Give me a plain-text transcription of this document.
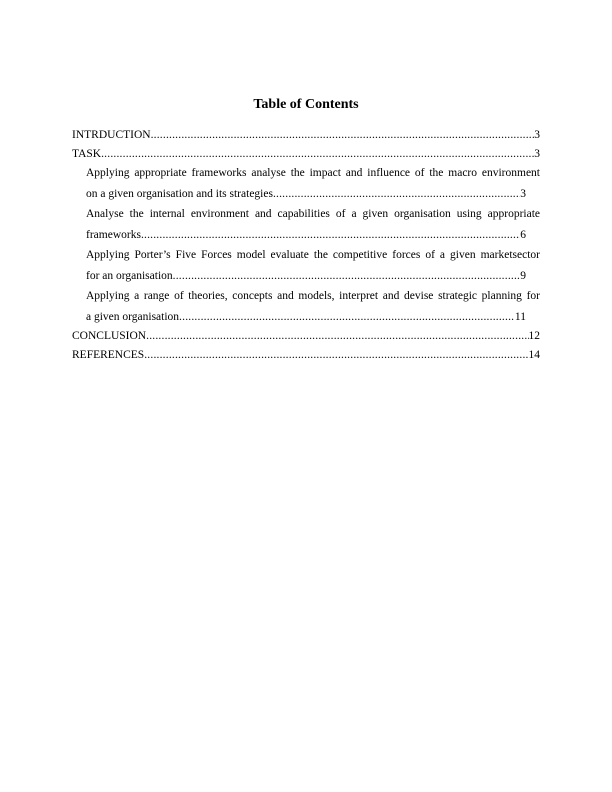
Table of Contents
INTRDUCTION .....	3
TASK .....	3
Applying appropriate frameworks analyse the impact and influence of the macro environment
on a given organisation and its strategies .....	3
Analyse the internal environment and capabilities of a given organisation using appropriate
frameworks .....	6
Applying Porter’s Five Forces model evaluate the competitive forces of a given marketsector
for an organisation .....	9
Applying a range of theories, concepts and models, interpret and devise strategic planning for
a given organisation .....	11
CONCLUSION .....	12
REFERENCES .....	14
